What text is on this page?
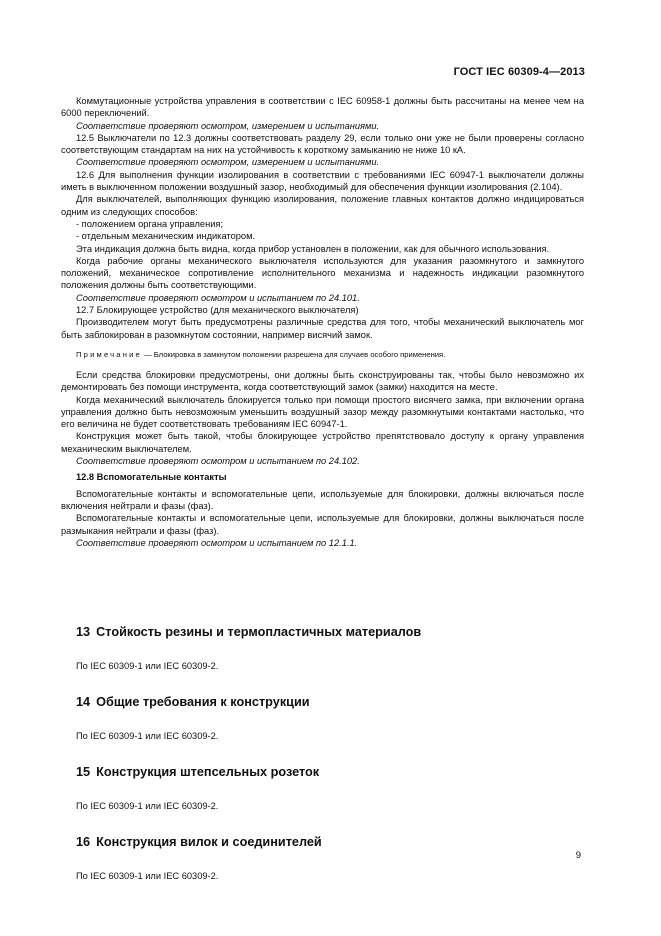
ГОСТ IEC 60309-4—2013

Коммутационные устройства управления в соответствии с IEC 60958-1 должны быть рассчитаны на менее чем на 6000 переключений.

Соответствие проверяют осмотром, измерением и испытаниями.

12.5 Выключатели по 12.3 должны соответствовать разделу 29, если только они уже не были проверены согласно соответствующим стандартам на них на устойчивость к короткому замыканию не ниже 10 кА.

Соответствие проверяют осмотром, измерением и испытаниями.

12.6 Для выполнения функции изолирования в соответствии с требованиями IEC 60947-1 выключатели должны иметь в выключенном положении воздушный зазор, необходимый для обеспечения функции изолирования (2.104).

Для выключателей, выполняющих функцию изолирования, положение главных контактов должно индицироваться одним из следующих способов:

- положением органа управления;

- отдельным механическим индикатором.

Эта индикация должна быть видна, когда прибор установлен в положении, как для обычного использования.

Когда рабочие органы механического выключателя используются для указания разомкнутого и замкнутого положений, механическое сопротивление исполнительного механизма и надежность индикации разомкнутого положения должны быть соответствующими.

Соответствие проверяют осмотром и испытанием по 24.101.

12.7 Блокирующее устройство (для механического выключателя)

Производителем могут быть предусмотрены различные средства для того, чтобы механический выключатель мог быть заблокирован в разомкнутом состоянии, например висячий замок.

Примечание — Блокировка в замкнутом положении разрешена для случаев особого применения.

Если средства блокировки предусмотрены, они должны быть сконструированы так, чтобы было невозможно их демонтировать без помощи инструмента, когда соответствующий замок (замки) находится на месте.

Когда механический выключатель блокируется только при помощи простого висячего замка, при включении органа управления должно быть невозможным уменьшить воздушный зазор между разомкнутыми контактами настолько, что его величина не будет соответствовать требованиям IEC 60947-1.

Конструкция может быть такой, чтобы блокирующее устройство препятствовало доступу к органу управления механическим выключателем.

Соответствие проверяют осмотром и испытанием по 24.102.

12.8 Вспомогательные контакты

Вспомогательные контакты и вспомогательные цепи, используемые для блокировки, должны включаться после включения нейтрали и фазы (фаз).

Вспомогательные контакты и вспомогательные цепи, используемые для блокировки, должны выключаться после размыкания нейтрали и фазы (фаз).

Соответствие проверяют осмотром и испытанием по 12.1.1.

13 Стойкость резины и термопластичных материалов

По IEC 60309-1 или IEC 60309-2.

14 Общие требования к конструкции

По IEC 60309-1 или IEC 60309-2.

15 Конструкция штепсельных розеток

По IEC 60309-1 или IEC 60309-2.

16 Конструкция вилок и соединителей

По IEC 60309-1 или IEC 60309-2.

9
